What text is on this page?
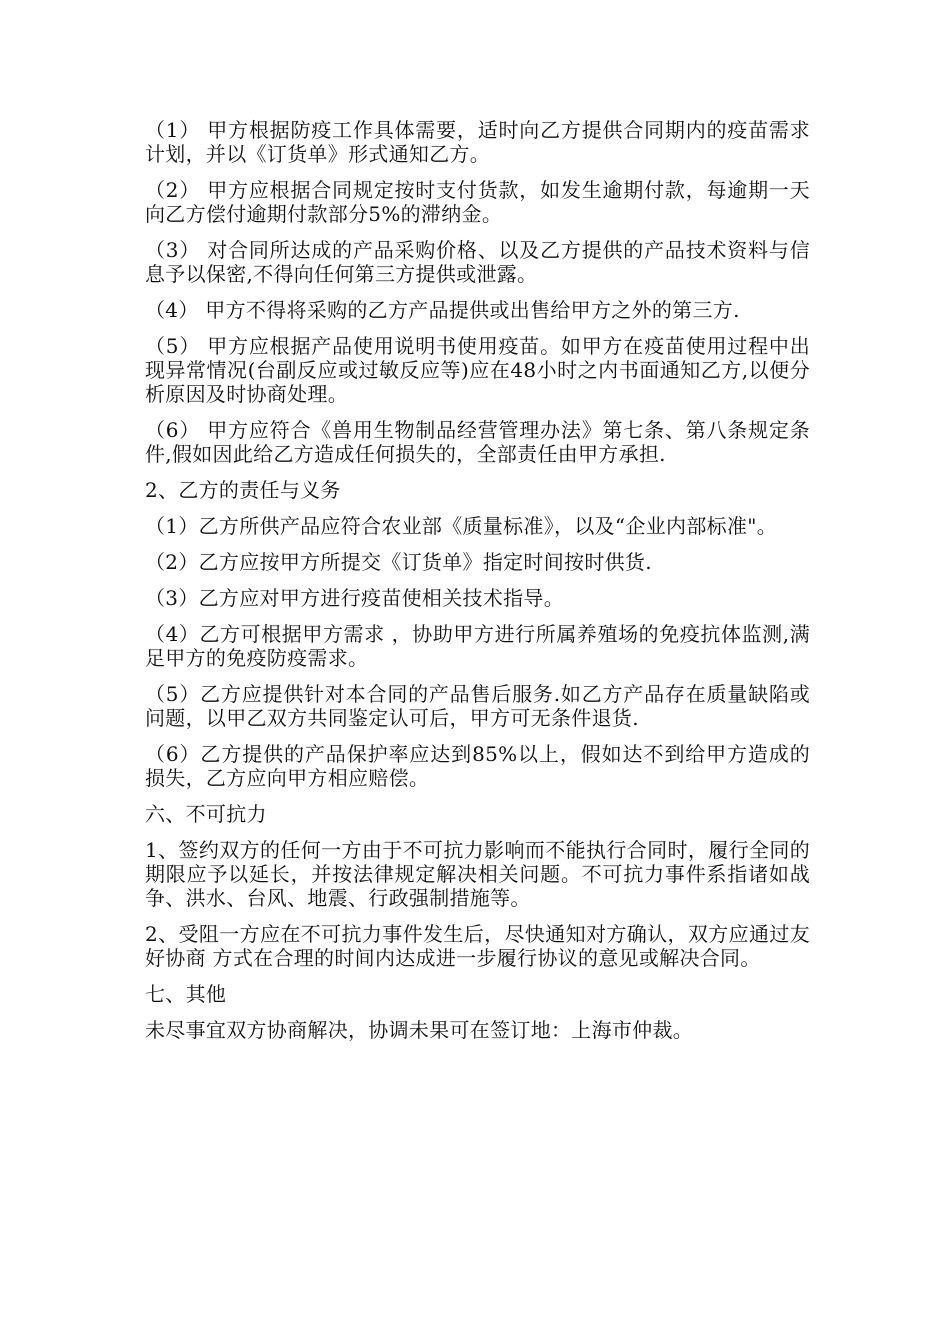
（1） 甲方根据防疫工作具体需要，适时向乙方提供合同期内的疫苗需求计划，并以《订货单》形式通知乙方。

（2） 甲方应根据合同规定按时支付货款，如发生逾期付款，每逾期一天向乙方偿付逾期付款部分5%的滞纳金。

（3） 对合同所达成的产品采购价格、以及乙方提供的产品技术资料与信息予以保密,不得向任何第三方提供或泄露。

（4） 甲方不得将采购的乙方产品提供或出售给甲方之外的第三方.

（5） 甲方应根据产品使用说明书使用疫苗。如甲方在疫苗使用过程中出现异常情况(台副反应或过敏反应等)应在48小时之内书面通知乙方,以便分析原因及时协商处理。

（6） 甲方应符合《兽用生物制品经营管理办法》第七条、第八条规定条件,假如因此给乙方造成任何损失的，全部责任由甲方承担.

2、乙方的责任与义务

（1）乙方所供产品应符合农业部《质量标准》，以及“企业内部标准"。

（2）乙方应按甲方所提交《订货单》指定时间按时供货.

（3）乙方应对甲方进行疫苗使相关技术指导。

（4）乙方可根据甲方需求 ，协助甲方进行所属养殖场的免疫抗体监测,满足甲方的免疫防疫需求。

（5）乙方应提供针对本合同的产品售后服务.如乙方产品存在质量缺陷或问题，以甲乙双方共同鉴定认可后，甲方可无条件退货.

（6）乙方提供的产品保护率应达到85%以上，假如达不到给甲方造成的损失，乙方应向甲方相应赔偿。

六、不可抗力

1、签约双方的任何一方由于不可抗力影响而不能执行合同时，履行全同的期限应予以延长，并按法律规定解决相关问题。不可抗力事件系指诸如战争、洪水、台风、地震、行政强制措施等。

2、受阻一方应在不可抗力事件发生后，尽快通知对方确认，双方应通过友好协商 方式在合理的时间内达成进一步履行协议的意见或解决合同。

七、其他

未尽事宜双方协商解决，协调未果可在签订地：上海市仲裁。
